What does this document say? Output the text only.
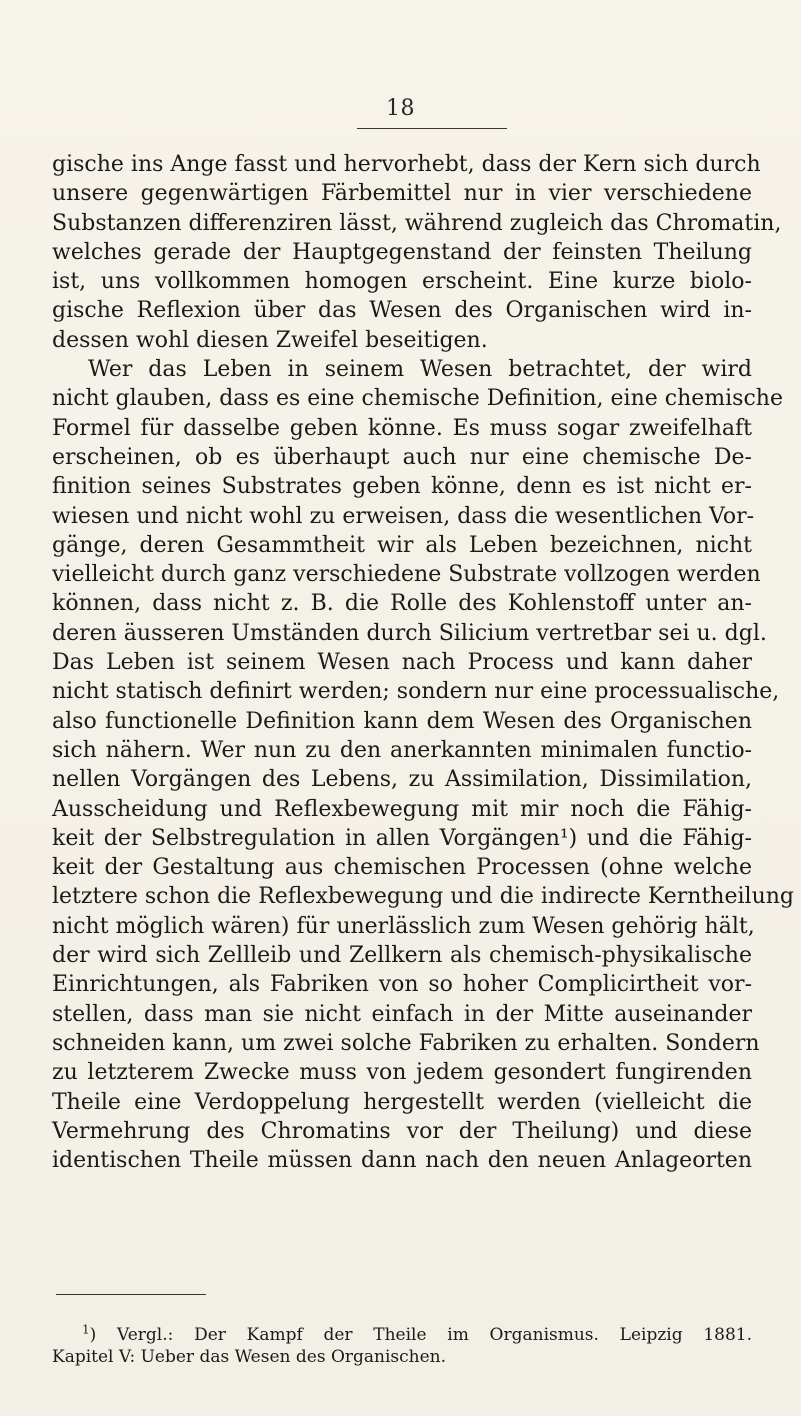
18
gische ins Ange fasst und hervorhebt, dass der Kern sich durch
unsere gegenwärtigen Färbemittel nur in vier verschiedene
Substanzen differenziren lässt, während zugleich das Chromatin,
welches gerade der Hauptgegenstand der feinsten Theilung
ist, uns vollkommen homogen erscheint. Eine kurze biolo-
gische Reflexion über das Wesen des Organischen wird in-
dessen wohl diesen Zweifel beseitigen.
Wer das Leben in seinem Wesen betrachtet, der wird
nicht glauben, dass es eine chemische Definition, eine chemische
Formel für dasselbe geben könne. Es muss sogar zweifelhaft
erscheinen, ob es überhaupt auch nur eine chemische De-
finition seines Substrates geben könne, denn es ist nicht er-
wiesen und nicht wohl zu erweisen, dass die wesentlichen Vor-
gänge, deren Gesammtheit wir als Leben bezeichnen, nicht
vielleicht durch ganz verschiedene Substrate vollzogen werden
können, dass nicht z. B. die Rolle des Kohlenstoff unter an-
deren äusseren Umständen durch Silicium vertretbar sei u. dgl.
Das Leben ist seinem Wesen nach Process und kann daher
nicht statisch definirt werden; sondern nur eine processualische,
also functionelle Definition kann dem Wesen des Organischen
sich nähern. Wer nun zu den anerkannten minimalen functio-
nellen Vorgängen des Lebens, zu Assimilation, Dissimilation,
Ausscheidung und Reflexbewegung mit mir noch die Fähig-
keit der Selbstregulation in allen Vorgängen¹) und die Fähig-
keit der Gestaltung aus chemischen Processen (ohne welche
letztere schon die Reflexbewegung und die indirecte Kerntheilung
nicht möglich wären) für unerlässlich zum Wesen gehörig hält,
der wird sich Zellleib und Zellkern als chemisch-physikalische
Einrichtungen, als Fabriken von so hoher Complicirtheit vor-
stellen, dass man sie nicht einfach in der Mitte auseinander
schneiden kann, um zwei solche Fabriken zu erhalten. Sondern
zu letzterem Zwecke muss von jedem gesondert fungirenden
Theile eine Verdoppelung hergestellt werden (vielleicht die
Vermehrung des Chromatins vor der Theilung) und diese
identischen Theile müssen dann nach den neuen Anlageorten
$^1$) Vergl.: Der Kampf der Theile im Organismus. Leipzig 1881.
Kapitel V: Ueber das Wesen des Organischen.
